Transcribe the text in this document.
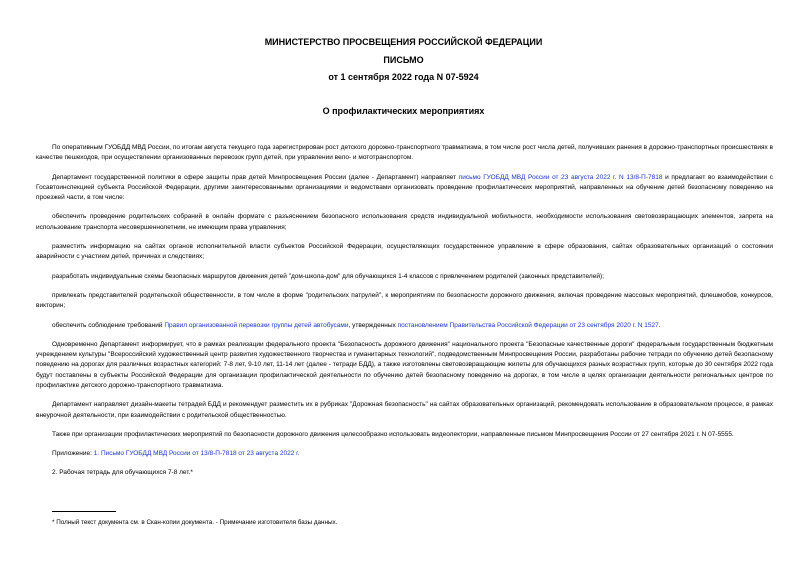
МИНИСТЕРСТВО ПРОСВЕЩЕНИЯ РОССИЙСКОЙ ФЕДЕРАЦИИ
ПИСЬМО
от 1 сентября 2022 года N 07-5924
О профилактических мероприятиях

По оперативным ГУОБДД МВД России, по итогам августа текущего года зарегистрирован рост детского дорожно-транспортного травматизма, в том числе рост числа детей, получивших ранения в дорожно-транспортных происшествиях в качестве пешеходов, при осуществлении организованных перевозок групп детей, при управлении вело- и мототранспортом.

Департамент государственной политики в сфере защиты прав детей Минпросвещения России (далее - Департамент) направляет письмо ГУОБДД МВД России от 23 августа 2022 г. N 13/8-П-7818 и предлагает во взаимодействии с Госавтоинспекцией субъекта Российской Федерации, другими заинтересованными организациями и ведомствами организовать проведение профилактических мероприятий, направленных на обучение детей безопасному поведению на проезжей части, в том числе:

обеспечить проведение родительских собраний в онлайн формате с разъяснением безопасного использования средств индивидуальной мобильности, необходимости использования световозвращающих элементов, запрета на использование транспорта несовершеннолетним, не имеющим права управления;

разместить информацию на сайтах органов исполнительной власти субъектов Российской Федерации, осуществляющих государственное управление в сфере образования, сайтах образовательных организаций о состоянии аварийности с участием детей, причинах и следствиях;

разработать индивидуальные схемы безопасных маршрутов движения детей "дом-школа-дом" для обучающихся 1-4 классов с привлечением родителей (законных представителей);

привлекать представителей родительской общественности, в том числе в форме "родительских патрулей", к мероприятиям по безопасности дорожного движения, включая проведение массовых мероприятий, флешмобов, конкурсов, викторин;

обеспечить соблюдение требований Правил организованной перевозки группы детей автобусами, утвержденных постановлением Правительства Российской Федерации от 23 сентября 2020 г. N 1527.

Одновременно Департамент информирует, что в рамках реализации федерального проекта "Безопасность дорожного движения" национального проекта "Безопасные качественные дороги" федеральным государственным бюджетным учреждением культуры "Всероссийский художественный центр развития художественного творчества и гуманитарных технологий", подведомственным Минпросвещения России, разработаны рабочие тетради по обучению детей безопасному поведению на дорогах для различных возрастных категорий: 7-8 лет, 9-10 лет, 11-14 лет (далее - тетради БДД), а также изготовлены световозвращающие жилеты для обучающихся разных возрастных групп, которые до 30 сентября 2022 года будут поставлены в субъекты Российской Федерации для организации профилактической деятельности по обучению детей безопасному поведению на дорогах, в том числе в целях организации деятельности региональных центров по профилактике детского дорожно-транспортного травматизма.

Департамент направляет дизайн-макеты тетрадей БДД и рекомендует разместить их в рубриках "Дорожная безопасность" на сайтах образовательных организаций, рекомендовать использование в образовательном процессе, в рамках внеурочной деятельности, при взаимодействии с родительской общественностью.

Также при организации профилактических мероприятий по безопасности дорожного движения целесообразно использовать видеолектории, направленные письмом Минпросвещения России от 27 сентября 2021 г. N 07-5555.

Приложение: 1. Письмо ГУОБДД МВД России от 13/8-П-7818 от 23 августа 2022 г.

2. Рабочая тетрадь для обучающихся 7-8 лет.*

* Полный текст документа см. в Скан-копии документа. - Примечание изготовителя базы данных.
